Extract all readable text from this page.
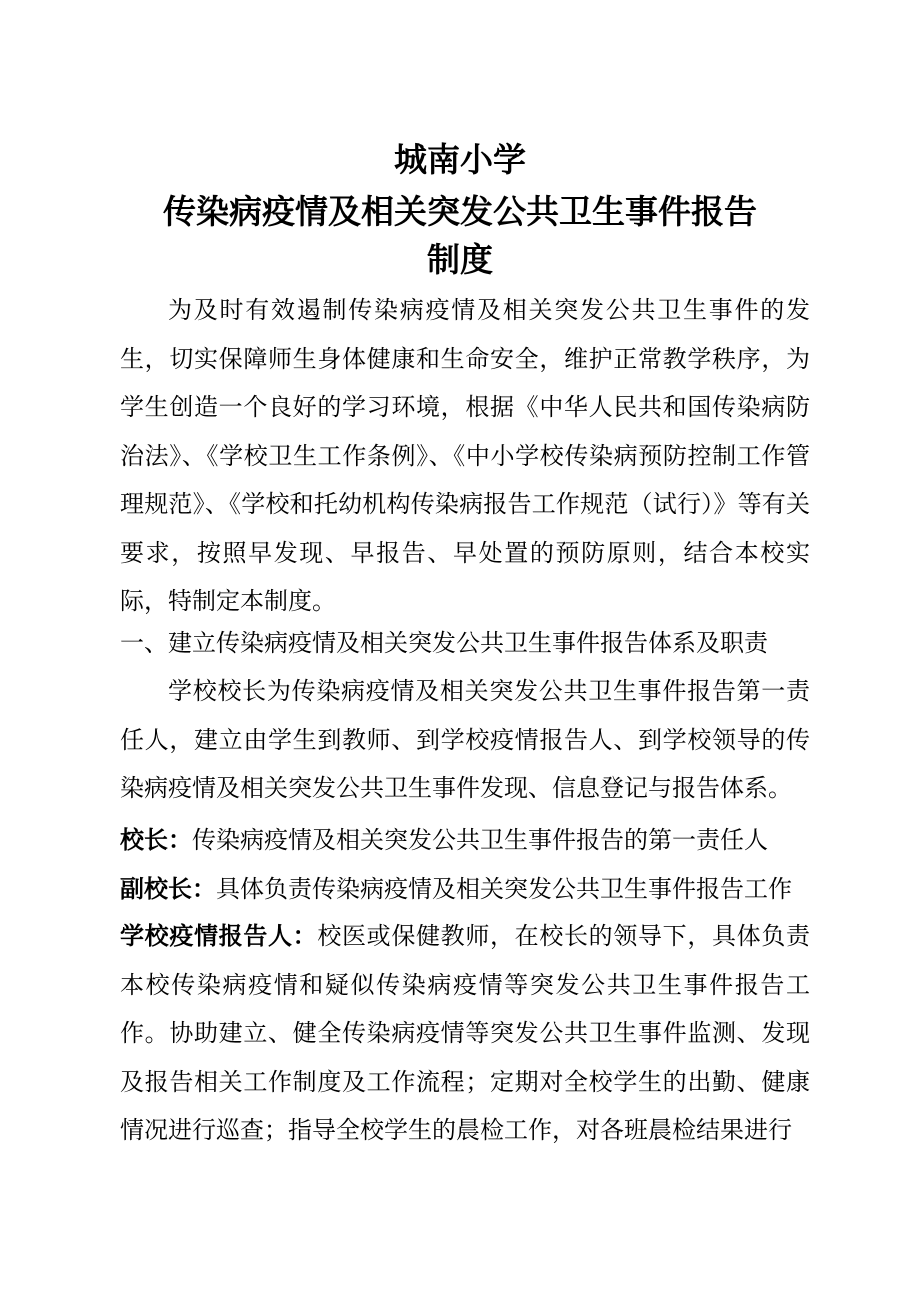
城南小学
传染病疫情及相关突发公共卫生事件报告
制度

为及时有效遏制传染病疫情及相关突发公共卫生事件的发生，切实保障师生身体健康和生命安全，维护正常教学秩序，为学生创造一个良好的学习环境，根据《中华人民共和国传染病防治法》、《学校卫生工作条例》、《中小学校传染病预防控制工作管理规范》、《学校和托幼机构传染病报告工作规范（试行）》等有关要求，按照早发现、早报告、早处置的预防原则，结合本校实际，特制定本制度。

一、建立传染病疫情及相关突发公共卫生事件报告体系及职责

学校校长为传染病疫情及相关突发公共卫生事件报告第一责任人，建立由学生到教师、到学校疫情报告人、到学校领导的传染病疫情及相关突发公共卫生事件发现、信息登记与报告体系。

校长：传染病疫情及相关突发公共卫生事件报告的第一责任人

副校长：具体负责传染病疫情及相关突发公共卫生事件报告工作

学校疫情报告人：校医或保健教师，在校长的领导下，具体负责本校传染病疫情和疑似传染病疫情等突发公共卫生事件报告工作。协助建立、健全传染病疫情等突发公共卫生事件监测、发现及报告相关工作制度及工作流程；定期对全校学生的出勤、健康情况进行巡查；指导全校学生的晨检工作，对各班晨检结果进行
